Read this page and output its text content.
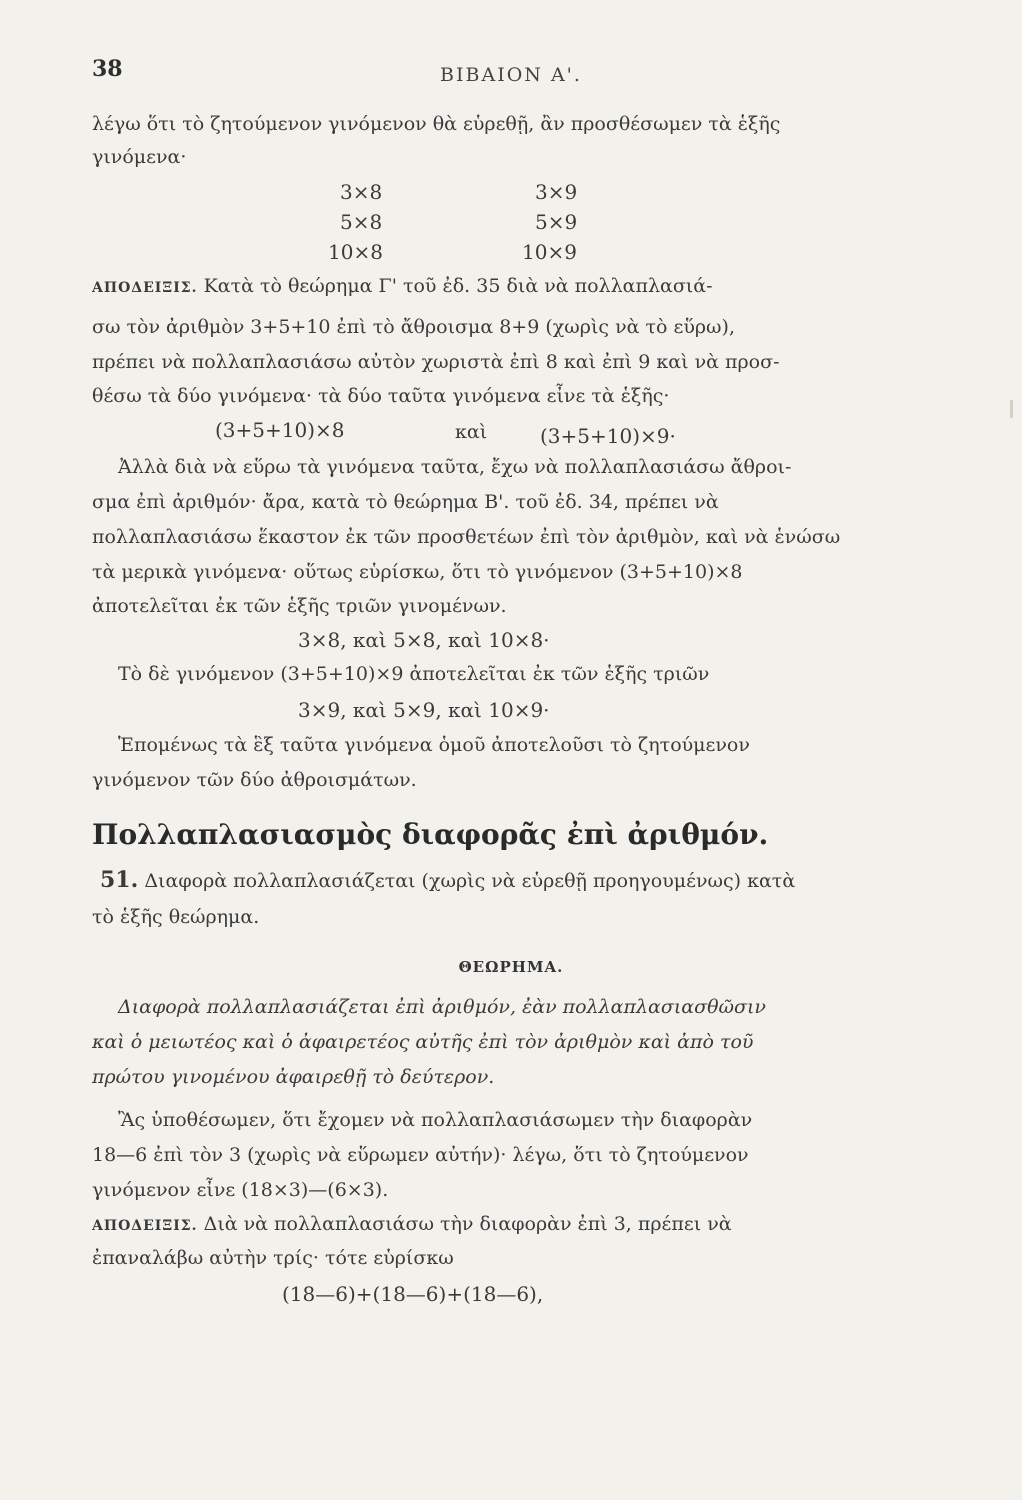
38	BIBAION A'.
λέγω ὅτι τὸ ζητούμενον γινόμενον θὰ εὑρεθῇ, ἂν προσθέσωμεν τὰ ἑξῆς
γινόμενα·
3×8	3×9
5×8	5×9
10×8	10×9
ΑΠΟΔΕΙΞΙΣ. Κατὰ τὸ θεώρημα Γ' τοῦ ἐδ. 35 διὰ νὰ πολλαπλασιά-
σω τὸν ἀριθμὸν 3+5+10 ἐπὶ τὸ ἄθροισμα 8+9 (χωρὶς νὰ τὸ εὕρω),
πρέπει νὰ πολλαπλασιάσω αὐτὸν χωριστὰ ἐπὶ 8 καὶ ἐπὶ 9 καὶ νὰ προσ-
θέσω τὰ δύο γινόμενα· τὰ δύο ταῦτα γινόμενα εἶνε τὰ ἑξῆς·
(3+5+10)×8	καὶ	(3+5+10)×9·
Ἀλλὰ διὰ νὰ εὕρω τὰ γινόμενα ταῦτα, ἔχω νὰ πολλαπλασιάσω ἄθροι-
σμα ἐπὶ ἀριθμόν· ἄρα, κατὰ τὸ θεώρημα Β'. τοῦ ἐδ. 34, πρέπει νὰ
πολλαπλασιάσω ἕκαστον ἐκ τῶν προσθετέων ἐπὶ τὸν ἀριθμὸν, καὶ νὰ ἑνώσω
τὰ μερικὰ γινόμενα· οὕτως εὑρίσκω, ὅτι τὸ γινόμενον (3+5+10)×8
ἀποτελεῖται ἐκ τῶν ἑξῆς τριῶν γινομένων.
3×8, καὶ 5×8, καὶ 10×8·
Τὸ δὲ γινόμενον (3+5+10)×9 ἀποτελεῖται ἐκ τῶν ἑξῆς τριῶν
3×9, καὶ 5×9, καὶ 10×9·
Ἑπομένως τὰ ἓξ ταῦτα γινόμενα ὁμοῦ ἀποτελοῦσι τὸ ζητούμενον
γινόμενον τῶν δύο ἀθροισμάτων.
Πολλαπλασιασμὸς διαφορᾶς ἐπὶ ἀριθμόν.
51. Διαφορὰ πολλαπλασιάζεται (χωρὶς νὰ εὑρεθῇ προηγουμένως) κατὰ
τὸ ἑξῆς θεώρημα.
ΘΕΩΡΗΜΑ.
Διαφορὰ πολλαπλασιάζεται ἐπὶ ἀριθμόν, ἐὰν πολλαπλασιασθῶσιν
καὶ ὁ μειωτέος καὶ ὁ ἀφαιρετέος αὐτῆς ἐπὶ τὸν ἀριθμὸν καὶ ἀπὸ τοῦ
πρώτου γινομένου ἀφαιρεθῇ τὸ δεύτερον.
Ἂς ὑποθέσωμεν, ὅτι ἔχομεν νὰ πολλαπλασιάσωμεν τὴν διαφορὰν
18—6 ἐπὶ τὸν 3 (χωρὶς νὰ εὕρωμεν αὐτήν)· λέγω, ὅτι τὸ ζητούμενον
γινόμενον εἶνε (18×3)—(6×3).
ΑΠΟΔΕΙΞΙΣ. Διὰ νὰ πολλαπλασιάσω τὴν διαφορὰν ἐπὶ 3, πρέπει νὰ
ἐπαναλάβω αὐτὴν τρίς· τότε εὑρίσκω
(18—6)+(18—6)+(18—6),
